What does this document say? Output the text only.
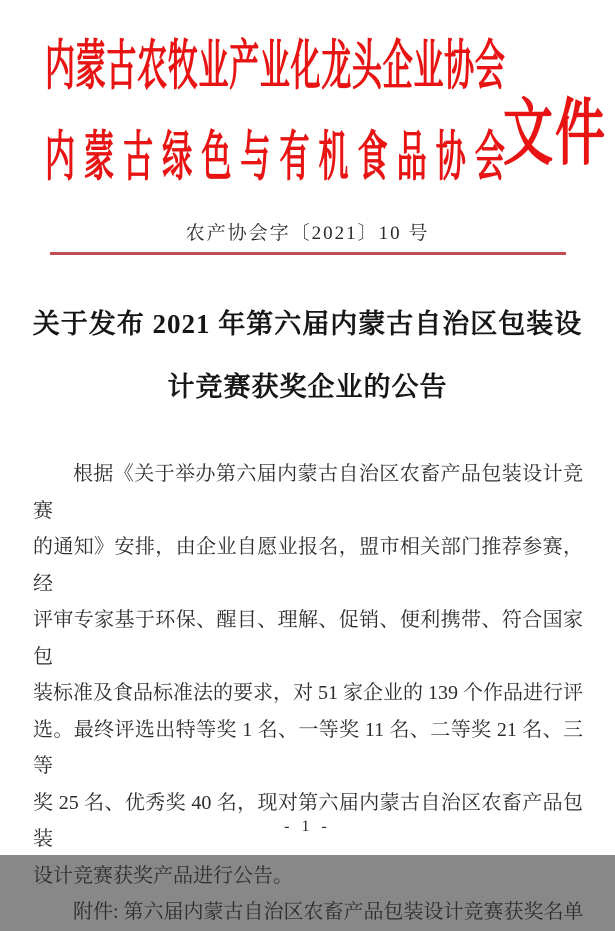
内 蒙 古 农 牧 业 产 业 化 龙 头 企 业 协 会
内 蒙 古 绿 色 与 有 机 食 品 协 会
文件
农产协会字〔2021〕10 号
关于发布 2021 年第六届内蒙古自治区包装设
计竞赛获奖企业的公告
根据《关于举办第六届内蒙古自治区农畜产品包装设计竞赛
的通知》安排，由企业自愿业报名，盟市相关部门推荐参赛，经
评审专家基于环保、醒目、理解、促销、便利携带、符合国家包
装标准及食品标准法的要求，对 51 家企业的 139 个作品进行评
选。最终评选出特等奖 1 名、一等奖 11 名、二等奖 21 名、三等
奖 25 名、优秀奖 40 名，现对第六届内蒙古自治区农畜产品包装
设计竞赛获奖产品进行公告。
附件: 第六届内蒙古自治区农畜产品包装设计竞赛获奖名单
- 1 -
